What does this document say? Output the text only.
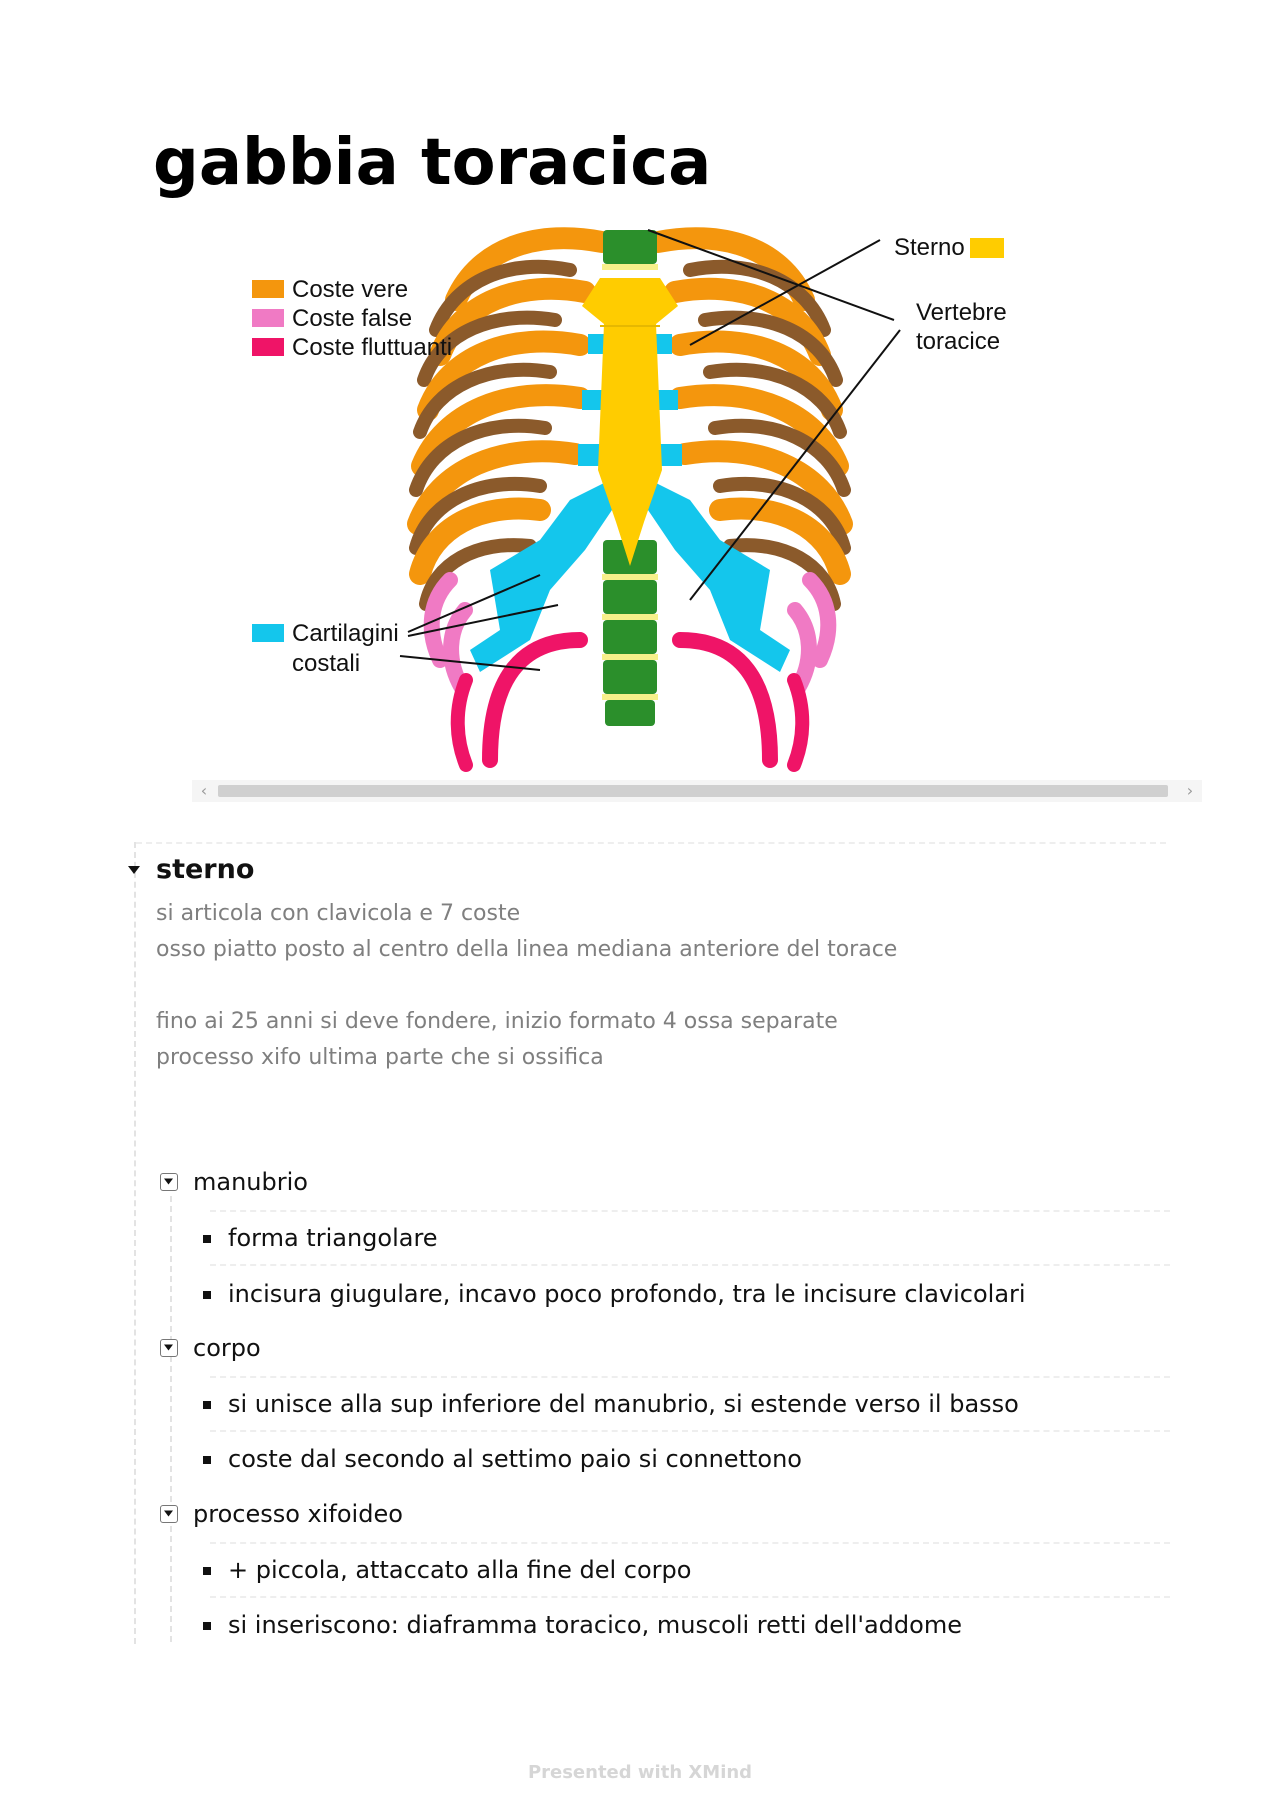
gabbia toracica
Coste vere
Coste false
Coste fluttuanti
Cartilagini
costali
Sterno
Vertebre
toracice
‹	›
sterno
si articola con clavicola e 7 coste
osso piatto posto al centro della linea mediana anteriore del torace
fino ai 25 anni si deve fondere, inizio formato 4 ossa separate
processo xifo ultima parte che si ossifica
manubrio
forma triangolare
incisura giugulare, incavo poco profondo, tra le incisure clavicolari
corpo
si unisce alla sup inferiore del manubrio, si estende verso il basso
coste dal secondo al settimo paio si connettono
processo xifoideo
+ piccola, attaccato alla fine del corpo
si inseriscono: diaframma toracico, muscoli retti dell'addome
Presented with XMind
